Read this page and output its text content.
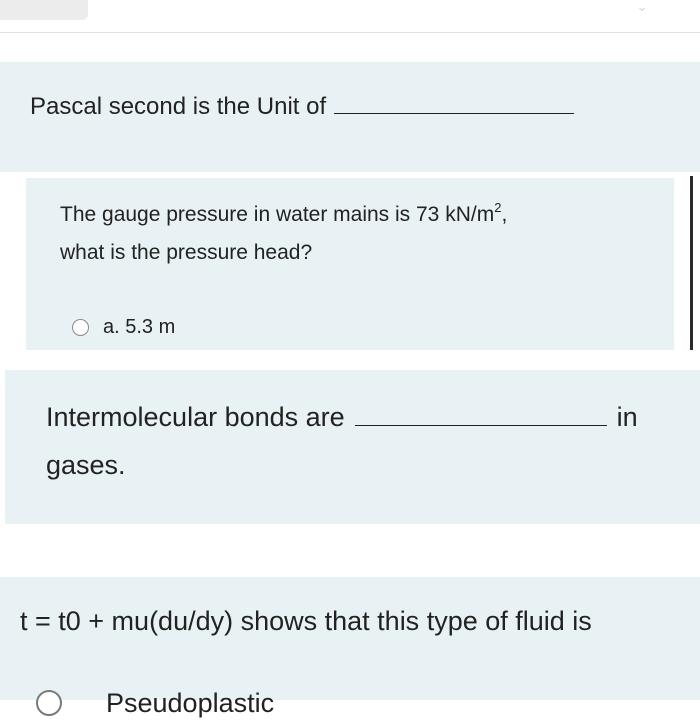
⌄
Pascal second is the Unit of
The gauge pressure in water mains is 73 $kN/m^2$,
what is the pressure head?
a. 5.3 m
Intermolecular bonds are	in
gases.
t = t0 + mu(du/dy) shows that this type of fluid is
Pseudoplastic
